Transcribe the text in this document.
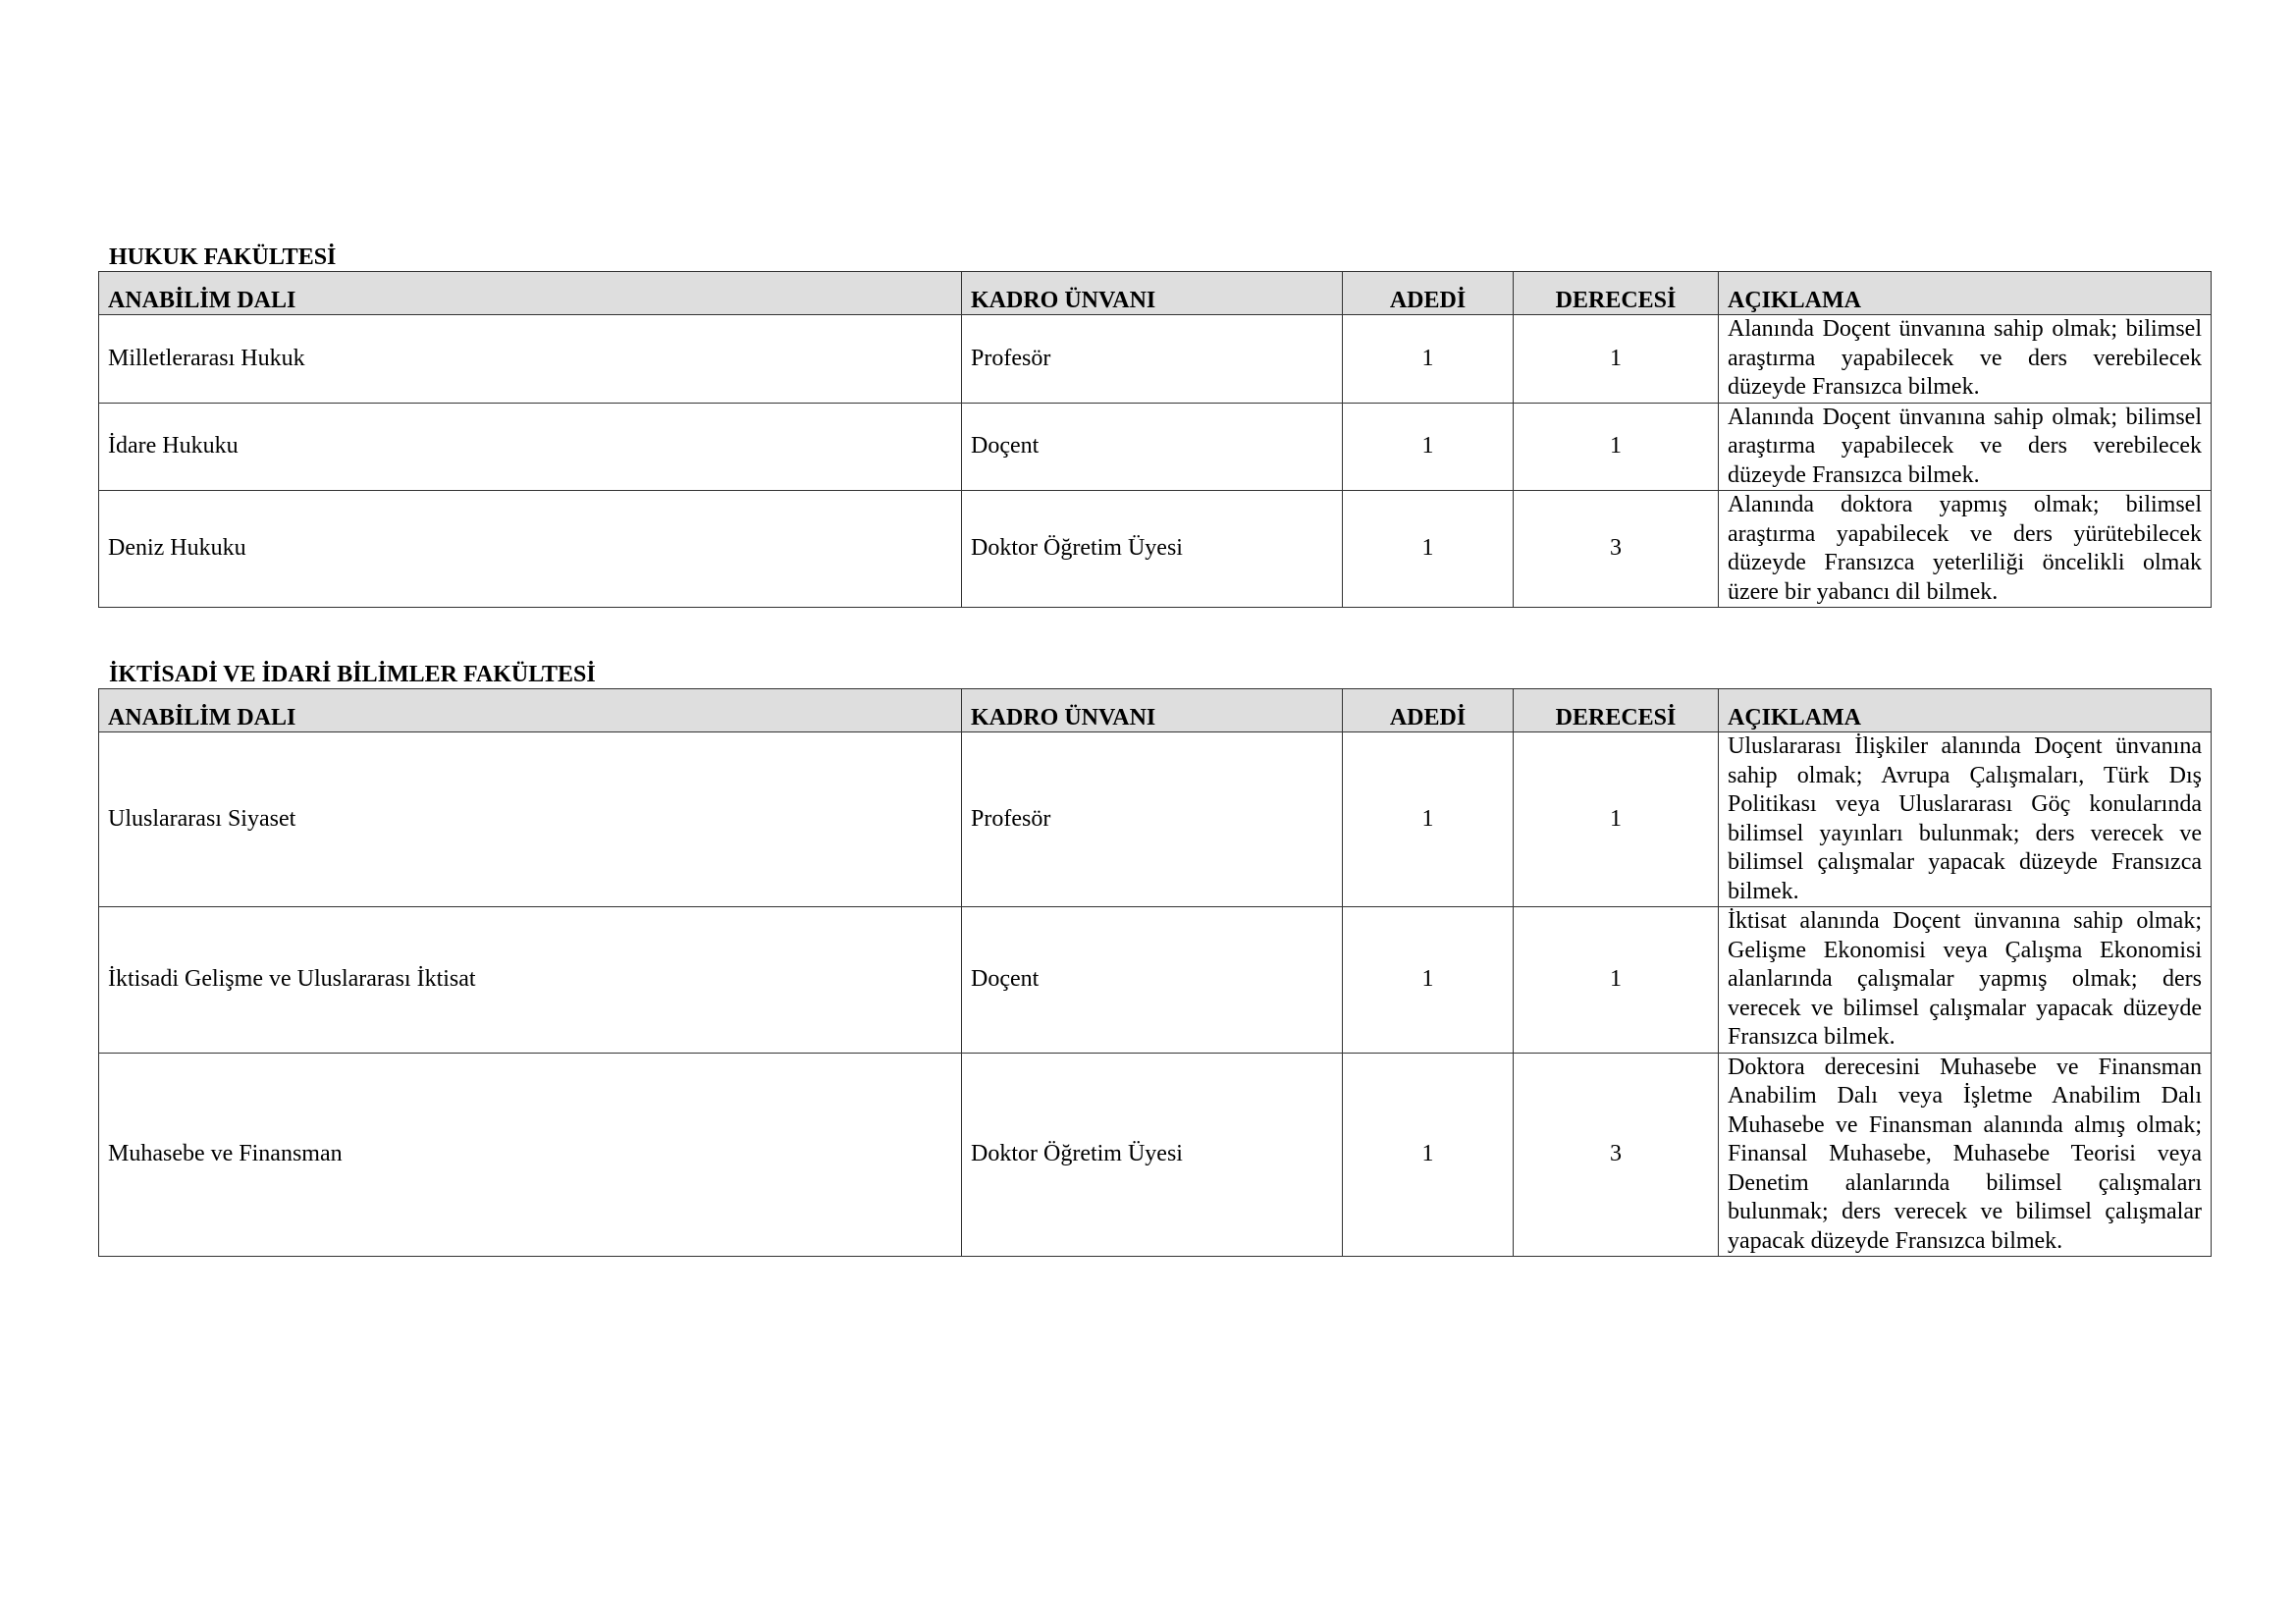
HUKUK FAKÜLTESİ
ANABİLİM DALI	KADRO ÜNVANI	ADEDİ	DERECESİ	AÇIKLAMA
Milletlerarası Hukuk	Profesör	1	1	Alanında Doçent ünvanına sahip olmak; bilimsel araştırma yapabilecek ve ders verebilecek düzeyde Fransızca bilmek.
İdare Hukuku	Doçent	1	1	Alanında Doçent ünvanına sahip olmak; bilimsel araştırma yapabilecek ve ders verebilecek düzeyde Fransızca bilmek.
Deniz Hukuku	Doktor Öğretim Üyesi	1	3	Alanında doktora yapmış olmak; bilimsel araştırma yapabilecek ve ders yürütebilecek düzeyde Fransızca yeterliliği öncelikli olmak üzere bir yabancı dil bilmek.
İKTİSADİ VE İDARİ BİLİMLER FAKÜLTESİ
ANABİLİM DALI	KADRO ÜNVANI	ADEDİ	DERECESİ	AÇIKLAMA
Uluslararası Siyaset	Profesör	1	1	Uluslararası İlişkiler alanında Doçent ünvanına sahip olmak; Avrupa Çalışmaları, Türk Dış Politikası veya Uluslararası Göç konularında bilimsel yayınları bulunmak; ders verecek ve bilimsel çalışmalar yapacak düzeyde Fransızca bilmek.
İktisadi Gelişme ve Uluslararası İktisat	Doçent	1	1	İktisat alanında Doçent ünvanına sahip olmak; Gelişme Ekonomisi veya Çalışma Ekonomisi alanlarında çalışmalar yapmış olmak; ders verecek ve bilimsel çalışmalar yapacak düzeyde Fransızca bilmek.
Muhasebe ve Finansman	Doktor Öğretim Üyesi	1	3	Doktora derecesini Muhasebe ve Finansman Anabilim Dalı veya İşletme Anabilim Dalı Muhasebe ve Finansman alanında almış olmak; Finansal Muhasebe, Muhasebe Teorisi veya Denetim alanlarında bilimsel çalışmaları bulunmak; ders verecek ve bilimsel çalışmalar yapacak düzeyde Fransızca bilmek.
